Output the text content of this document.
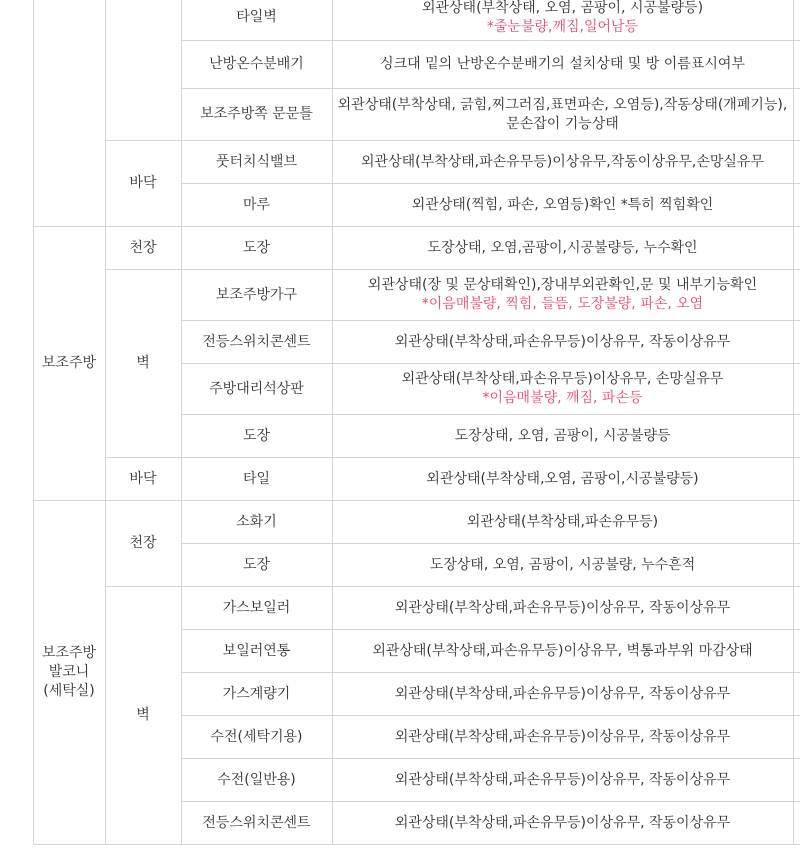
			타일벽	외관상태(부착상태, 오염, 곰팡이, 시공불량등)
*줄눈불량,깨짐,일어남등	

			난방온수분배기	싱크대 밑의 난방온수분배기의 설치상태 및 방 이름표시여부	

			보조주방쪽 문문틀	외관상태(부착상태, 긁힘,찌그러짐,표면파손, 오염등),작동상태(개폐기능),문손잡이 기능상태	

		바닥	풋터치식밸브	외관상태(부착상태,파손유무등)이상유무,작동이상유무,손망실유무	

			마루	외관상태(찍힘, 파손, 오염등)확인 *특히 찍힘확인	

	보조주방	천장	도장	도장상태, 오염,곰팡이,시공불량등, 누수확인	

		벽	보조주방가구	외관상태(장 및 문상태확인),장내부외관확인,문 및 내부기능확인
*이음매불량, 찍힘, 들뜸, 도장불량, 파손, 오염	

			전등스위치콘센트	외관상태(부착상태,파손유무등)이상유무, 작동이상유무	

			주방대리석상판	외관상태(부착상태,파손유무등)이상유무, 손망실유무
*이음매불량, 깨짐, 파손등	

			도장	도장상태, 오염, 곰팡이, 시공불량등	

		바닥	타일	외관상태(부착상태,오염, 곰팡이,시공불량등)	

	보조주방 발코니 (세탁실)	천장	소화기	외관상태(부착상태,파손유무등)	

			도장	도장상태, 오염, 곰팡이, 시공불량, 누수흔적	

		벽	가스보일러	외관상태(부착상태,파손유무등)이상유무, 작동이상유무	

			보일러연통	외관상태(부착상태,파손유무등)이상유무, 벽통과부위 마감상태	

			가스계량기	외관상태(부착상태,파손유무등)이상유무, 작동이상유무	

			수전(세탁기용)	외관상태(부착상태,파손유무등)이상유무, 작동이상유무	

			수전(일반용)	외관상태(부착상태,파손유무등)이상유무, 작동이상유무	

			전등스위치콘센트	외관상태(부착상태,파손유무등)이상유무, 작동이상유무	
